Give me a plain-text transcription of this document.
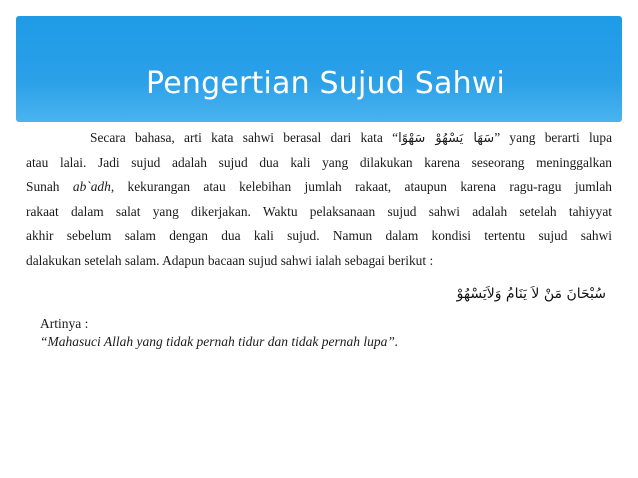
Pengertian Sujud Sahwi
Secara bahasa, arti kata sahwi berasal dari kata “سَهَا يَسْهُوْ سَهْوًا” yang berarti lupa
atau lalai. Jadi sujud adalah sujud dua kali yang dilakukan karena seseorang meninggalkan
Sunah ab`adh, kekurangan atau kelebihan jumlah rakaat, ataupun karena ragu-ragu jumlah
rakaat dalam salat yang dikerjakan. Waktu pelaksanaan sujud sahwi adalah setelah tahiyyat
akhir sebelum salam dengan dua kali sujud. Namun dalam kondisi tertentu sujud sahwi
dalakukan setelah salam. Adapun bacaan sujud sahwi ialah sebagai berikut :
سُبْحَانَ مَنْ لاَ يَنَامُ وَلاَيَسْهُوْ
Artinya :
“Mahasuci Allah yang tidak pernah tidur dan tidak pernah lupa”.
